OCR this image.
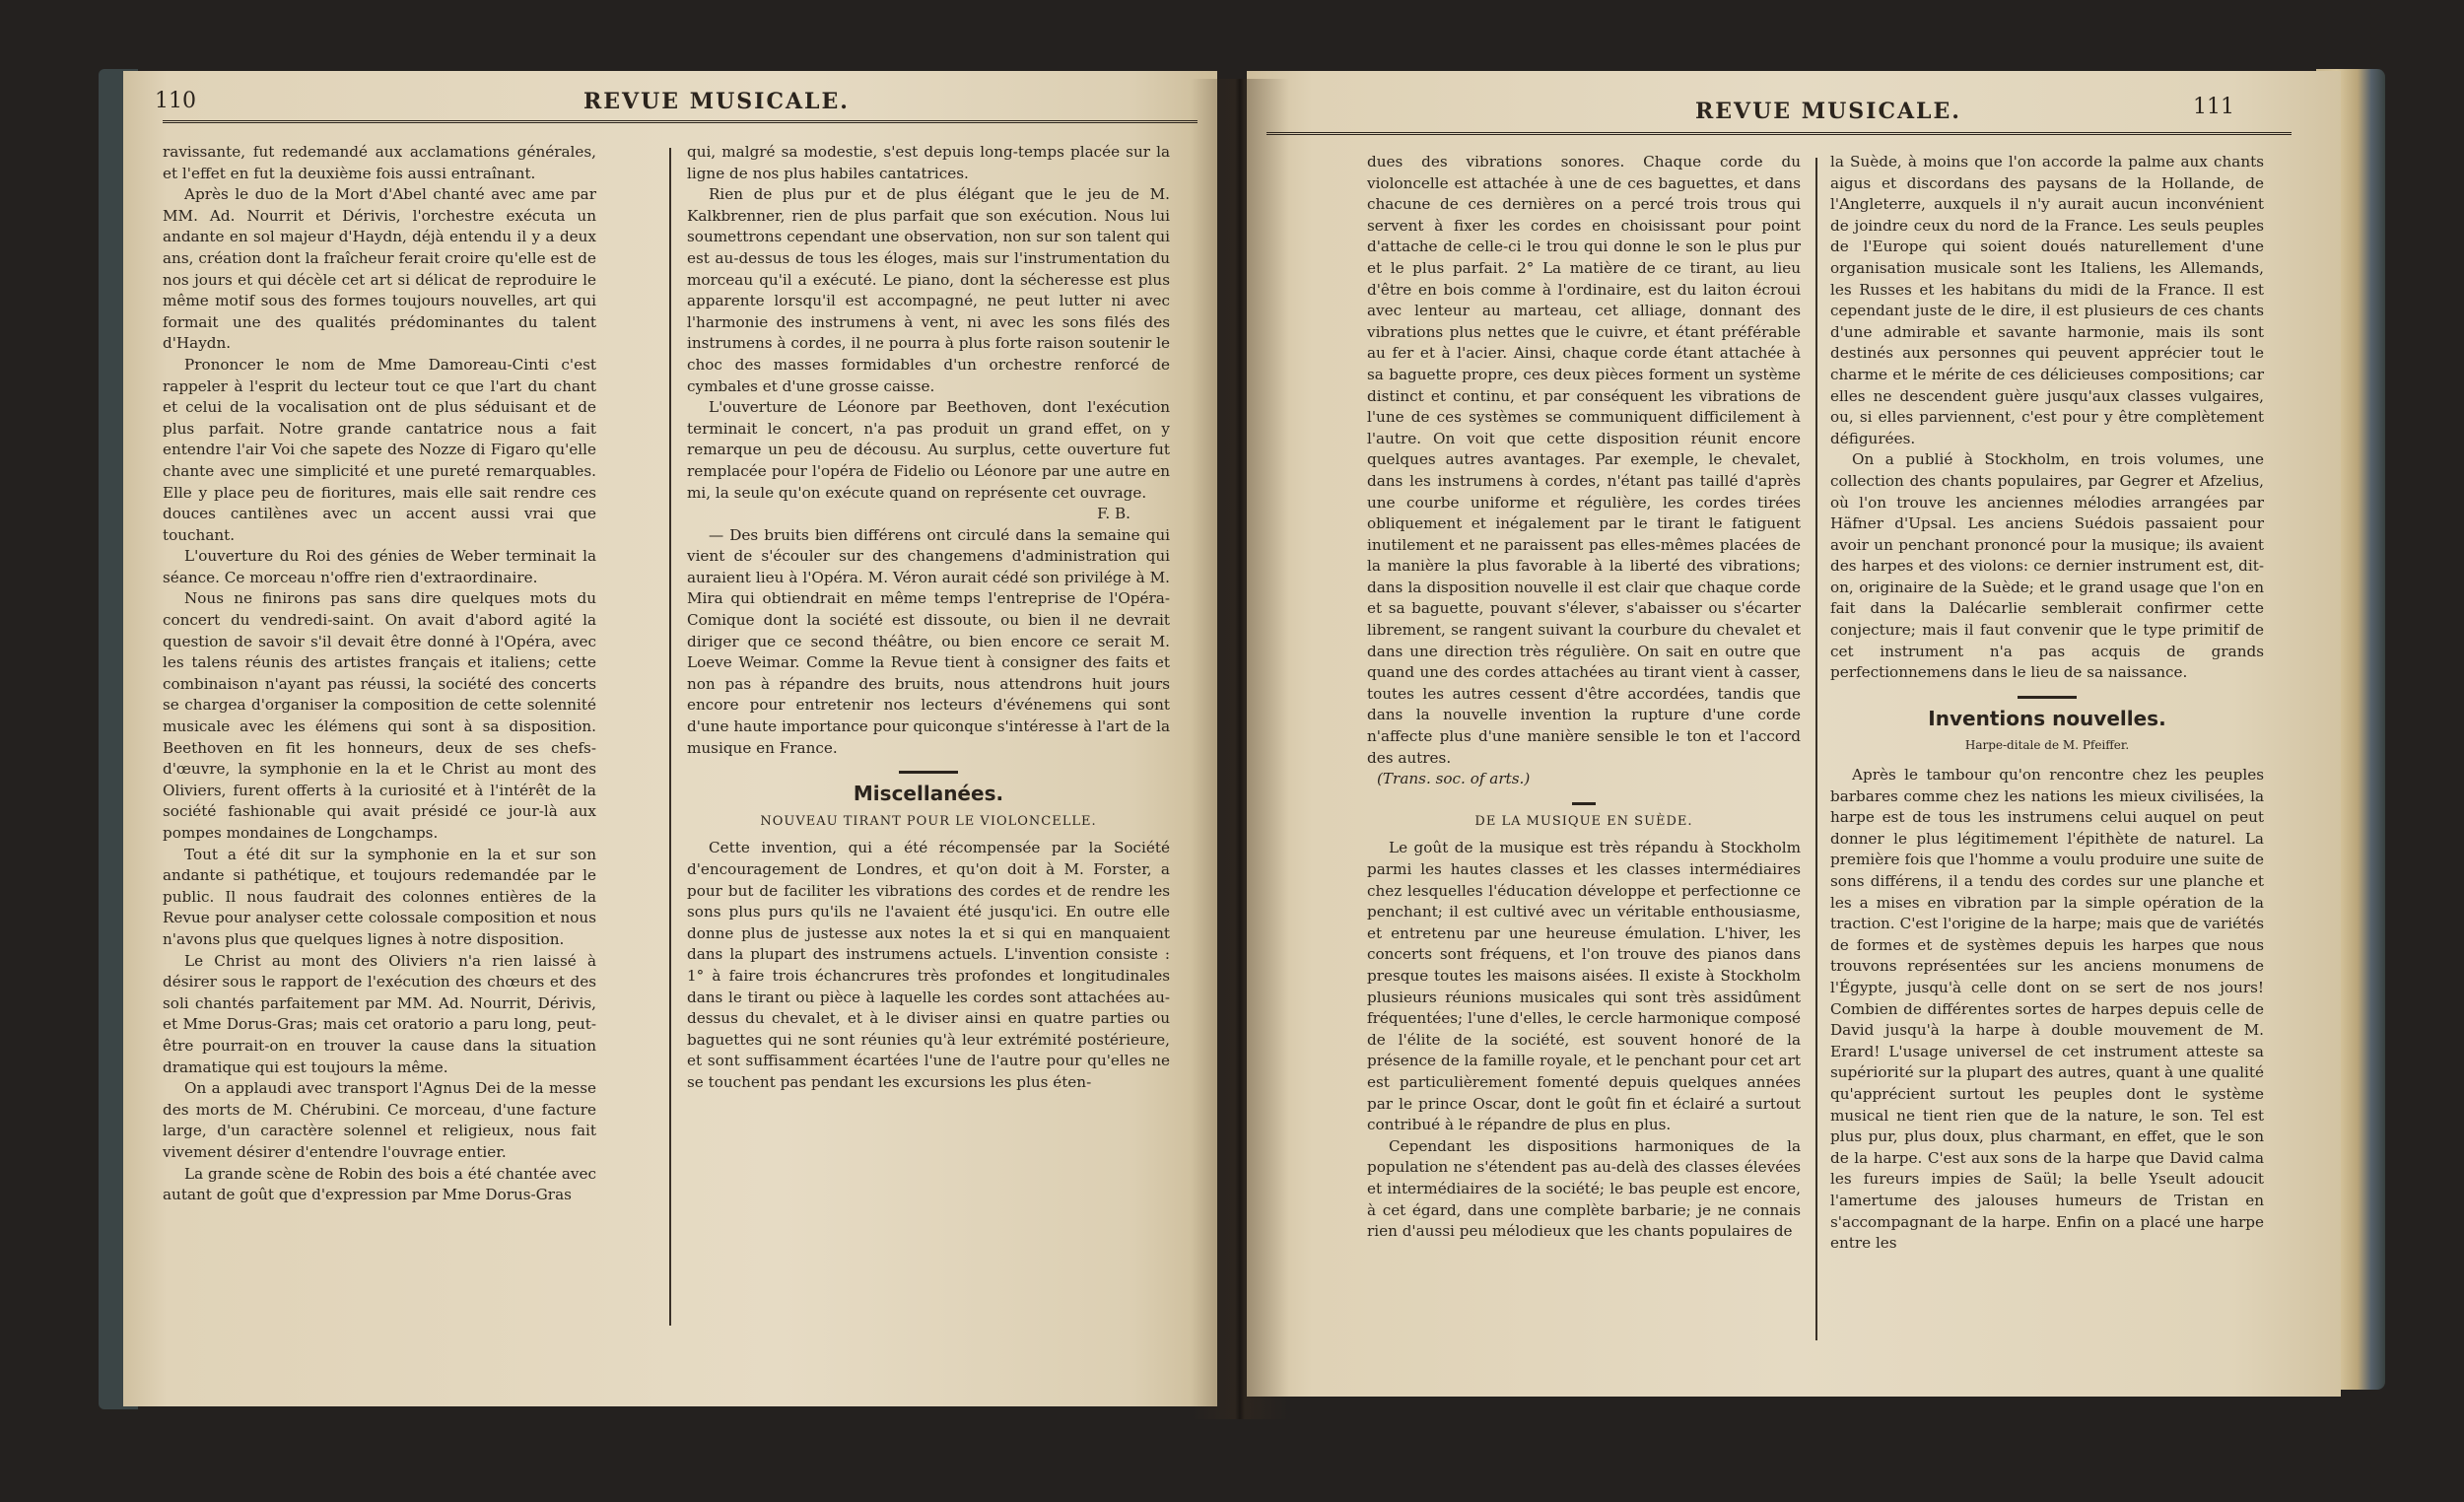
110	REVUE MUSICALE.

ravissante, fut redemandé aux acclamations générales, et l'effet en fut la deuxième fois aussi entraînant.

Après le duo de la Mort d'Abel chanté avec ame par MM. Ad. Nourrit et Dérivis, l'orchestre exécuta un andante en sol majeur d'Haydn, déjà entendu il y a deux ans, création dont la fraîcheur ferait croire qu'elle est de nos jours et qui décèle cet art si délicat de reproduire le même motif sous des formes toujours nouvelles, art qui formait une des qualités prédominantes du talent d'Haydn.

Prononcer le nom de Mme Damoreau-Cinti c'est rappeler à l'esprit du lecteur tout ce que l'art du chant et celui de la vocalisation ont de plus séduisant et de plus parfait. Notre grande cantatrice nous a fait entendre l'air Voi che sapete des Nozze di Figaro qu'elle chante avec une simplicité et une pureté remarquables. Elle y place peu de fioritures, mais elle sait rendre ces douces cantilènes avec un accent aussi vrai que touchant.

L'ouverture du Roi des génies de Weber terminait la séance. Ce morceau n'offre rien d'extraordinaire.

Nous ne finirons pas sans dire quelques mots du concert du vendredi-saint. On avait d'abord agité la question de savoir s'il devait être donné à l'Opéra, avec les talens réunis des artistes français et italiens; cette combinaison n'ayant pas réussi, la société des concerts se chargea d'organiser la composition de cette solennité musicale avec les élémens qui sont à sa disposition. Beethoven en fit les honneurs, deux de ses chefs-d'œuvre, la symphonie en la et le Christ au mont des Oliviers, furent offerts à la curiosité et à l'intérêt de la société fashionable qui avait présidé ce jour-là aux pompes mondaines de Longchamps.

Tout a été dit sur la symphonie en la et sur son andante si pathétique, et toujours redemandée par le public. Il nous faudrait des colonnes entières de la Revue pour analyser cette colossale composition et nous n'avons plus que quelques lignes à notre disposition.

Le Christ au mont des Oliviers n'a rien laissé à désirer sous le rapport de l'exécution des chœurs et des soli chantés parfaitement par MM. Ad. Nourrit, Dérivis, et Mme Dorus-Gras; mais cet oratorio a paru long, peut-être pourrait-on en trouver la cause dans la situation dramatique qui est toujours la même.

On a applaudi avec transport l'Agnus Dei de la messe des morts de M. Chérubini. Ce morceau, d'une facture large, d'un caractère solennel et religieux, nous fait vivement désirer d'entendre l'ouvrage entier.

La grande scène de Robin des bois a été chantée avec autant de goût que d'expression par Mme Dorus-Gras

qui, malgré sa modestie, s'est depuis long-temps placée sur la ligne de nos plus habiles cantatrices.

Rien de plus pur et de plus élégant que le jeu de M. Kalkbrenner, rien de plus parfait que son exécution. Nous lui soumettrons cependant une observation, non sur son talent qui est au-dessus de tous les éloges, mais sur l'instrumentation du morceau qu'il a exécuté. Le piano, dont la sécheresse est plus apparente lorsqu'il est accompagné, ne peut lutter ni avec l'harmonie des instrumens à vent, ni avec les sons filés des instrumens à cordes, il ne pourra à plus forte raison soutenir le choc des masses formidables d'un orchestre renforcé de cymbales et d'une grosse caisse.

L'ouverture de Léonore par Beethoven, dont l'exécution terminait le concert, n'a pas produit un grand effet, on y remarque un peu de décousu. Au surplus, cette ouverture fut remplacée pour l'opéra de Fidelio ou Léonore par une autre en mi, la seule qu'on exécute quand on représente cet ouvrage.

F. B.

— Des bruits bien différens ont circulé dans la semaine qui vient de s'écouler sur des changemens d'administration qui auraient lieu à l'Opéra. M. Véron aurait cédé son privilége à M. Mira qui obtiendrait en même temps l'entreprise de l'Opéra-Comique dont la société est dissoute, ou bien il ne devrait diriger que ce second théâtre, ou bien encore ce serait M. Loeve Weimar. Comme la Revue tient à consigner des faits et non pas à répandre des bruits, nous attendrons huit jours encore pour entretenir nos lecteurs d'événemens qui sont d'une haute importance pour quiconque s'intéresse à l'art de la musique en France.

Miscellanées.

NOUVEAU TIRANT POUR LE VIOLONCELLE.

Cette invention, qui a été récompensée par la Société d'encouragement de Londres, et qu'on doit à M. Forster, a pour but de faciliter les vibrations des cordes et de rendre les sons plus purs qu'ils ne l'avaient été jusqu'ici. En outre elle donne plus de justesse aux notes la et si qui en manquaient dans la plupart des instrumens actuels. L'invention consiste : 1° à faire trois échancrures très profondes et longitudinales dans le tirant ou pièce à laquelle les cordes sont attachées au-dessus du chevalet, et à le diviser ainsi en quatre parties ou baguettes qui ne sont réunies qu'à leur extrémité postérieure, et sont suffisamment écartées l'une de l'autre pour qu'elles ne se touchent pas pendant les excursions les plus éten-

REVUE MUSICALE.	111

dues des vibrations sonores. Chaque corde du violoncelle est attachée à une de ces baguettes, et dans chacune de ces dernières on a percé trois trous qui servent à fixer les cordes en choisissant pour point d'attache de celle-ci le trou qui donne le son le plus pur et le plus parfait. 2° La matière de ce tirant, au lieu d'être en bois comme à l'ordinaire, est du laiton écroui avec lenteur au marteau, cet alliage, donnant des vibrations plus nettes que le cuivre, et étant préférable au fer et à l'acier. Ainsi, chaque corde étant attachée à sa baguette propre, ces deux pièces forment un système distinct et continu, et par conséquent les vibrations de l'une de ces systèmes se communiquent difficilement à l'autre. On voit que cette disposition réunit encore quelques autres avantages. Par exemple, le chevalet, dans les instrumens à cordes, n'étant pas taillé d'après une courbe uniforme et régulière, les cordes tirées obliquement et inégalement par le tirant le fatiguent inutilement et ne paraissent pas elles-mêmes placées de la manière la plus favorable à la liberté des vibrations; dans la disposition nouvelle il est clair que chaque corde et sa baguette, pouvant s'élever, s'abaisser ou s'écarter librement, se rangent suivant la courbure du chevalet et dans une direction très régulière. On sait en outre que quand une des cordes attachées au tirant vient à casser, toutes les autres cessent d'être accordées, tandis que dans la nouvelle invention la rupture d'une corde n'affecte plus d'une manière sensible le ton et l'accord des autres.

(Trans. soc. of arts.)

DE LA MUSIQUE EN SUÈDE.

Le goût de la musique est très répandu à Stockholm parmi les hautes classes et les classes intermédiaires chez lesquelles l'éducation développe et perfectionne ce penchant; il est cultivé avec un véritable enthousiasme, et entretenu par une heureuse émulation. L'hiver, les concerts sont fréquens, et l'on trouve des pianos dans presque toutes les maisons aisées. Il existe à Stockholm plusieurs réunions musicales qui sont très assidûment fréquentées; l'une d'elles, le cercle harmonique composé de l'élite de la société, est souvent honoré de la présence de la famille royale, et le penchant pour cet art est particulièrement fomenté depuis quelques années par le prince Oscar, dont le goût fin et éclairé a surtout contribué à le répandre de plus en plus.

Cependant les dispositions harmoniques de la population ne s'étendent pas au-delà des classes élevées et intermédiaires de la société; le bas peuple est encore, à cet égard, dans une complète barbarie; je ne connais rien d'aussi peu mélodieux que les chants populaires de

la Suède, à moins que l'on accorde la palme aux chants aigus et discordans des paysans de la Hollande, de l'Angleterre, auxquels il n'y aurait aucun inconvénient de joindre ceux du nord de la France. Les seuls peuples de l'Europe qui soient doués naturellement d'une organisation musicale sont les Italiens, les Allemands, les Russes et les habitans du midi de la France. Il est cependant juste de le dire, il est plusieurs de ces chants d'une admirable et savante harmonie, mais ils sont destinés aux personnes qui peuvent apprécier tout le charme et le mérite de ces délicieuses compositions; car elles ne descendent guère jusqu'aux classes vulgaires, ou, si elles parviennent, c'est pour y être complètement défigurées.

On a publié à Stockholm, en trois volumes, une collection des chants populaires, par Gegrer et Afzelius, où l'on trouve les anciennes mélodies arrangées par Häfner d'Upsal. Les anciens Suédois passaient pour avoir un penchant prononcé pour la musique; ils avaient des harpes et des violons: ce dernier instrument est, dit-on, originaire de la Suède; et le grand usage que l'on en fait dans la Dalécarlie semblerait confirmer cette conjecture; mais il faut convenir que le type primitif de cet instrument n'a pas acquis de grands perfectionnemens dans le lieu de sa naissance.

Inventions nouvelles.

Harpe-ditale de M. Pfeiffer.

Après le tambour qu'on rencontre chez les peuples barbares comme chez les nations les mieux civilisées, la harpe est de tous les instrumens celui auquel on peut donner le plus légitimement l'épithète de naturel. La première fois que l'homme a voulu produire une suite de sons différens, il a tendu des cordes sur une planche et les a mises en vibration par la simple opération de la traction. C'est l'origine de la harpe; mais que de variétés de formes et de systèmes depuis les harpes que nous trouvons représentées sur les anciens monumens de l'Égypte, jusqu'à celle dont on se sert de nos jours! Combien de différentes sortes de harpes depuis celle de David jusqu'à la harpe à double mouvement de M. Erard! L'usage universel de cet instrument atteste sa supériorité sur la plupart des autres, quant à une qualité qu'apprécient surtout les peuples dont le système musical ne tient rien que de la nature, le son. Tel est plus pur, plus doux, plus charmant, en effet, que le son de la harpe. C'est aux sons de la harpe que David calma les fureurs impies de Saül; la belle Yseult adoucit l'amertume des jalouses humeurs de Tristan en s'accompagnant de la harpe. Enfin on a placé une harpe entre les
